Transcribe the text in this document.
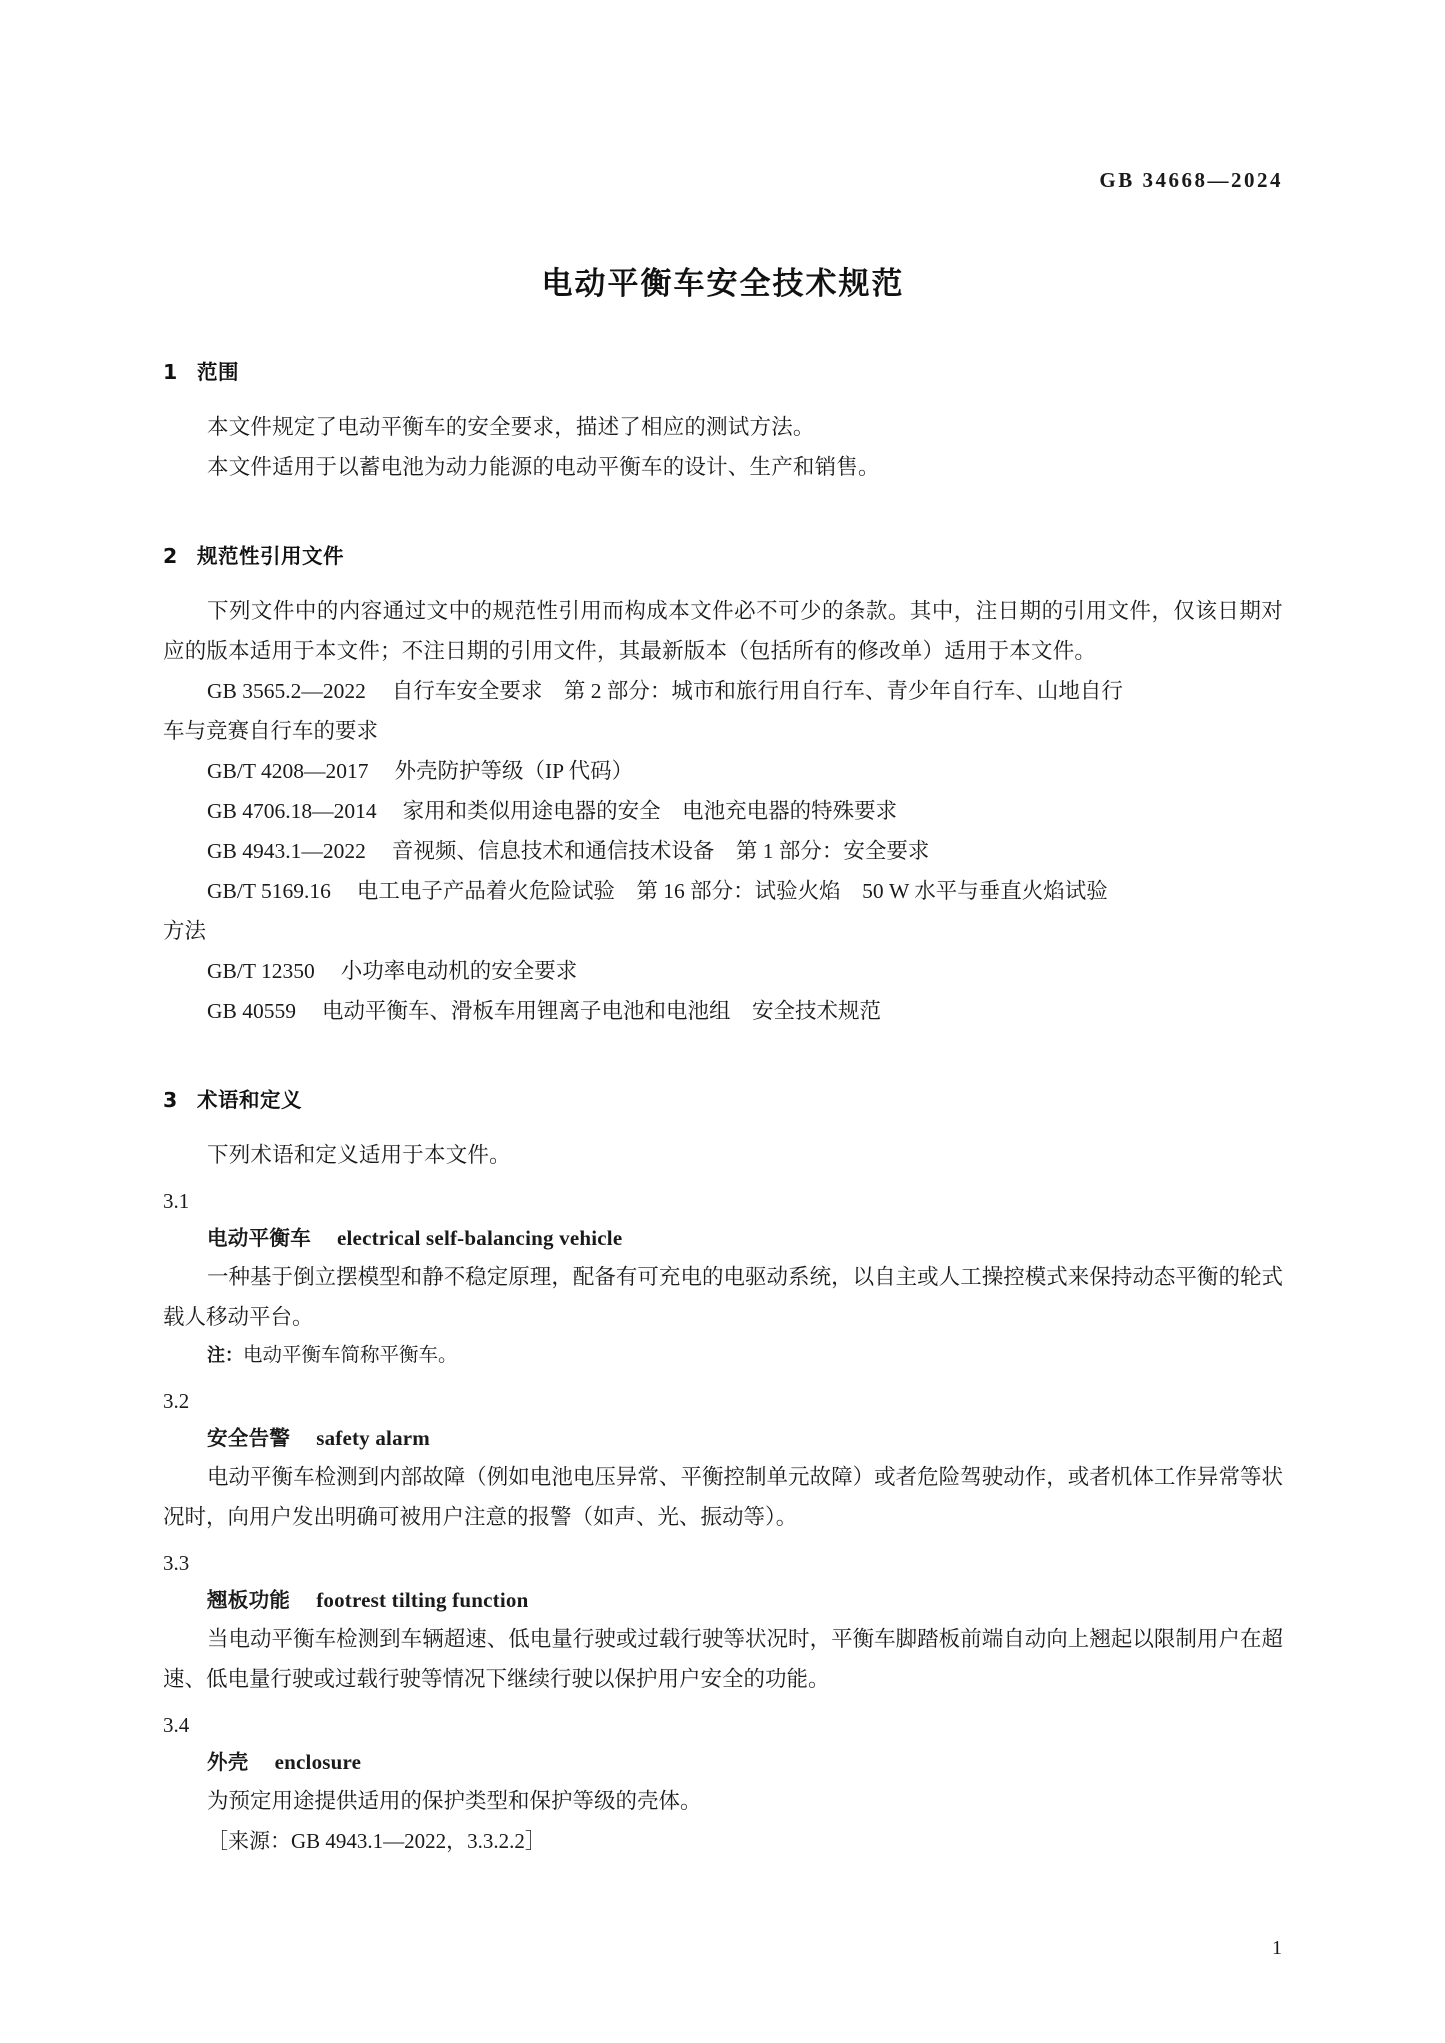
GB 34668—2024
电动平衡车安全技术规范
1 范围

本文件规定了电动平衡车的安全要求，描述了相应的测试方法。

本文件适用于以蓄电池为动力能源的电动平衡车的设计、生产和销售。

2 规范性引用文件

下列文件中的内容通过文中的规范性引用而构成本文件必不可少的条款。其中，注日期的引用文件，仅该日期对应的版本适用于本文件；不注日期的引用文件，其最新版本（包括所有的修改单）适用于本文件。

GB 3565.2—2022 自行车安全要求　第 2 部分：城市和旅行用自行车、青少年自行车、山地自行
车与竞赛自行车的要求
GB/T 4208—2017 外壳防护等级（IP 代码）
GB 4706.18—2014 家用和类似用途电器的安全　电池充电器的特殊要求
GB 4943.1—2022 音视频、信息技术和通信技术设备　第 1 部分：安全要求
GB/T 5169.16 电工电子产品着火危险试验　第 16 部分：试验火焰　50 W 水平与垂直火焰试验
方法
GB/T 12350 小功率电动机的安全要求
GB 40559 电动平衡车、滑板车用锂离子电池和电池组　安全技术规范
3 术语和定义

下列术语和定义适用于本文件。

3.1
电动平衡车 electrical self-balancing vehicle
一种基于倒立摆模型和静不稳定原理，配备有可充电的电驱动系统，以自主或人工操控模式来保持动态平衡的轮式载人移动平台。
注：电动平衡车简称平衡车。
3.2
安全告警 safety alarm
电动平衡车检测到内部故障（例如电池电压异常、平衡控制单元故障）或者危险驾驶动作，或者机体工作异常等状况时，向用户发出明确可被用户注意的报警（如声、光、振动等）。
3.3
翘板功能 footrest tilting function
当电动平衡车检测到车辆超速、低电量行驶或过载行驶等状况时，平衡车脚踏板前端自动向上翘起以限制用户在超速、低电量行驶或过载行驶等情况下继续行驶以保护用户安全的功能。
3.4
外壳 enclosure
为预定用途提供适用的保护类型和保护等级的壳体。
［来源：GB 4943.1—2022，3.3.2.2］
1
